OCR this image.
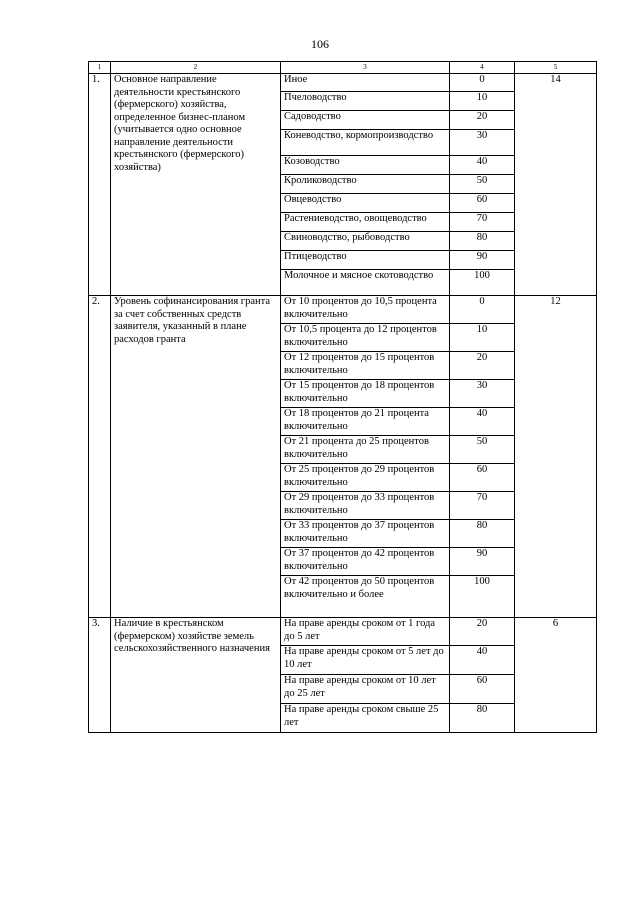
106
1	2	3	4	5
1.	Основное направление деятельности крестьянского (фермерского) хозяйства, определенное бизнес-планом (учитывается одно основное направление деятельности крестьянского (фермерского) хозяйства)	Иное	0	14
		Пчеловодство	10	
		Садоводство	20	
		Коневодство, кормопроизводство	30	
		Козоводство	40	
		Кролиководство	50	
		Овцеводство	60	
		Растениеводство, овощеводство	70	
		Свиноводство, рыбоводство	80	
		Птицеводство	90	
		Молочное и мясное скотоводство	100	
2.	Уровень софинансирования гранта за счет собственных средств заявителя, указанный в плане расходов гранта	От 10 процентов до 10,5 процента включительно	0	12
		От 10,5 процента до 12 процентов включительно	10	
		От 12 процентов до 15 процентов включительно	20	
		От 15 процентов до 18 процентов включительно	30	
		От 18 процентов до 21 процента включительно	40	
		От 21 процента до 25 процентов включительно	50	
		От 25 процентов до 29 процентов включительно	60	
		От 29 процентов до 33 процентов включительно	70	
		От 33 процентов до 37 процентов включительно	80	
		От 37 процентов до 42 процентов включительно	90	
		От 42 процентов до 50 процентов включительно и более	100	
3.	Наличие в крестьянском (фермерском) хозяйстве земель сельскохозяйственного назначения	На праве аренды сроком от 1 года до 5 лет	20	6
		На праве аренды сроком от 5 лет до 10 лет	40	
		На праве аренды сроком от 10 лет до 25 лет	60	
		На праве аренды сроком свыше 25 лет	80	
